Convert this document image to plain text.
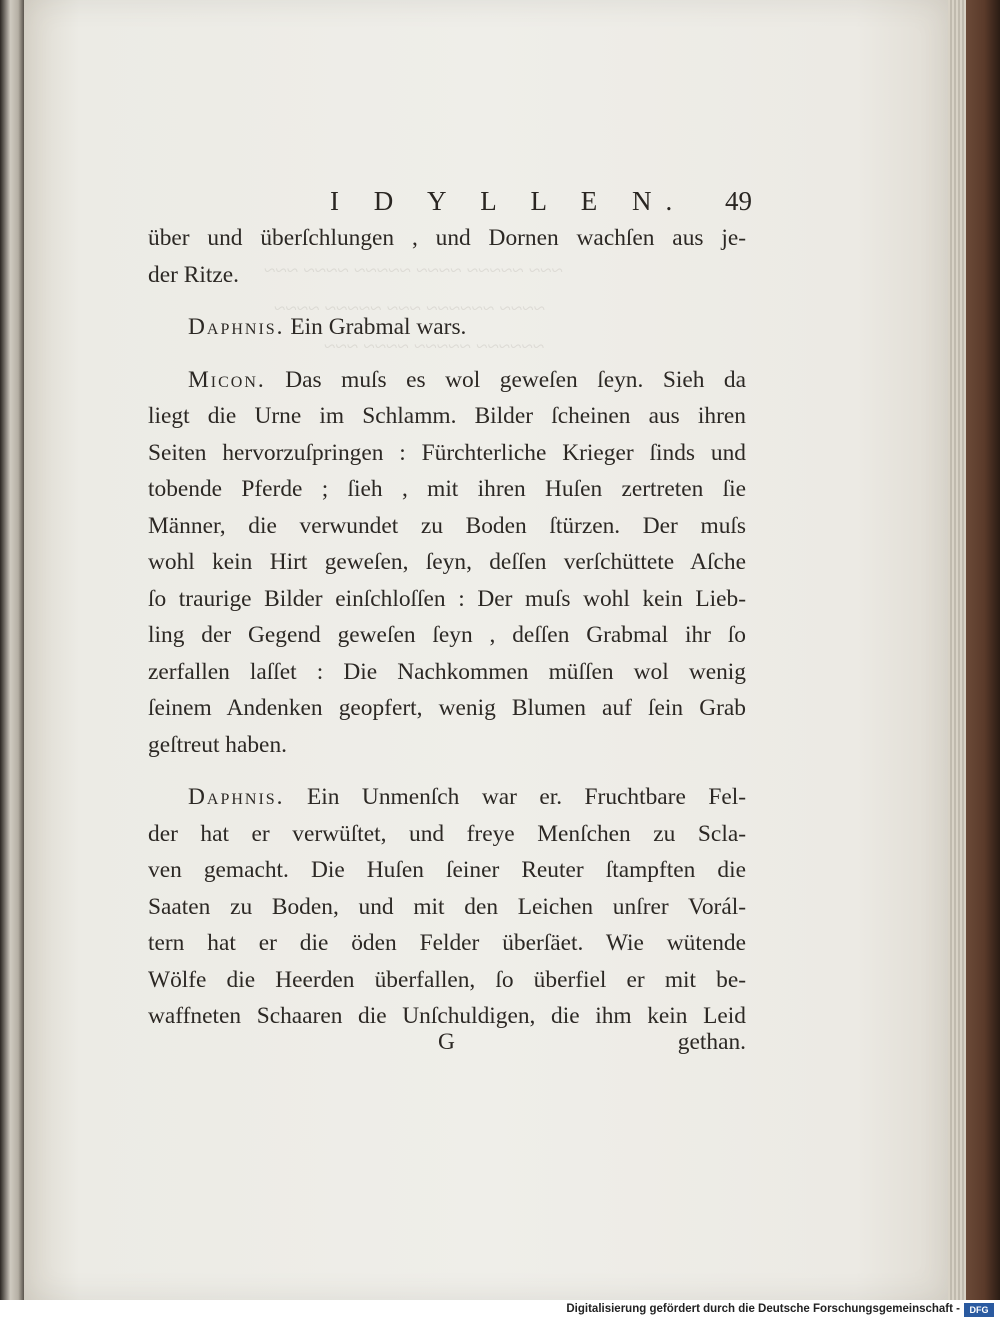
~~~ ~~~~~ ~~~~ ~~~~~ ~~~~ ~~~
~~~~ ~~~~~~ ~~~ ~~~~~ ~~~~
~~~~~~ ~~~~~ ~~~~ ~~~
I D Y L L E N. 49
über und überſchlungen , und Dornen wachſen aus je-
der Ritze.
Daphnis. Ein Grabmal wars.
Micon. Das muſs es wol geweſen ſeyn. Sieh da
liegt die Urne im Schlamm. Bilder ſcheinen aus ihren
Seiten hervorzuſpringen : Fürchterliche Krieger ſinds und
tobende Pferde ; ſieh , mit ihren Huſen zertreten ſie
Männer, die verwundet zu Boden ſtürzen. Der muſs
wohl kein Hirt geweſen, ſeyn, deſſen verſchüttete Aſche
ſo traurige Bilder einſchloſſen : Der muſs wohl kein Lieb-
ling der Gegend geweſen ſeyn , deſſen Grabmal ihr ſo
zerfallen laſſet : Die Nachkommen müſſen wol wenig
ſeinem Andenken geopfert, wenig Blumen auf ſein Grab
geſtreut haben.
Daphnis. Ein Unmenſch war er. Fruchtbare Fel-
der hat er verwüſtet, und freye Menſchen zu Scla-
ven gemacht. Die Huſen ſeiner Reuter ſtampften die
Saaten zu Boden, und mit den Leichen unſrer Vorál-
tern hat er die öden Felder überſäet. Wie wütende
Wölfe die Heerden überfallen, ſo überfiel er mit be-
waffneten Schaaren die Unſchuldigen, die ihm kein Leid
G	gethan.
Digitalisierung gefördert durch die Deutsche Forschungsgemeinschaft -	DFG
